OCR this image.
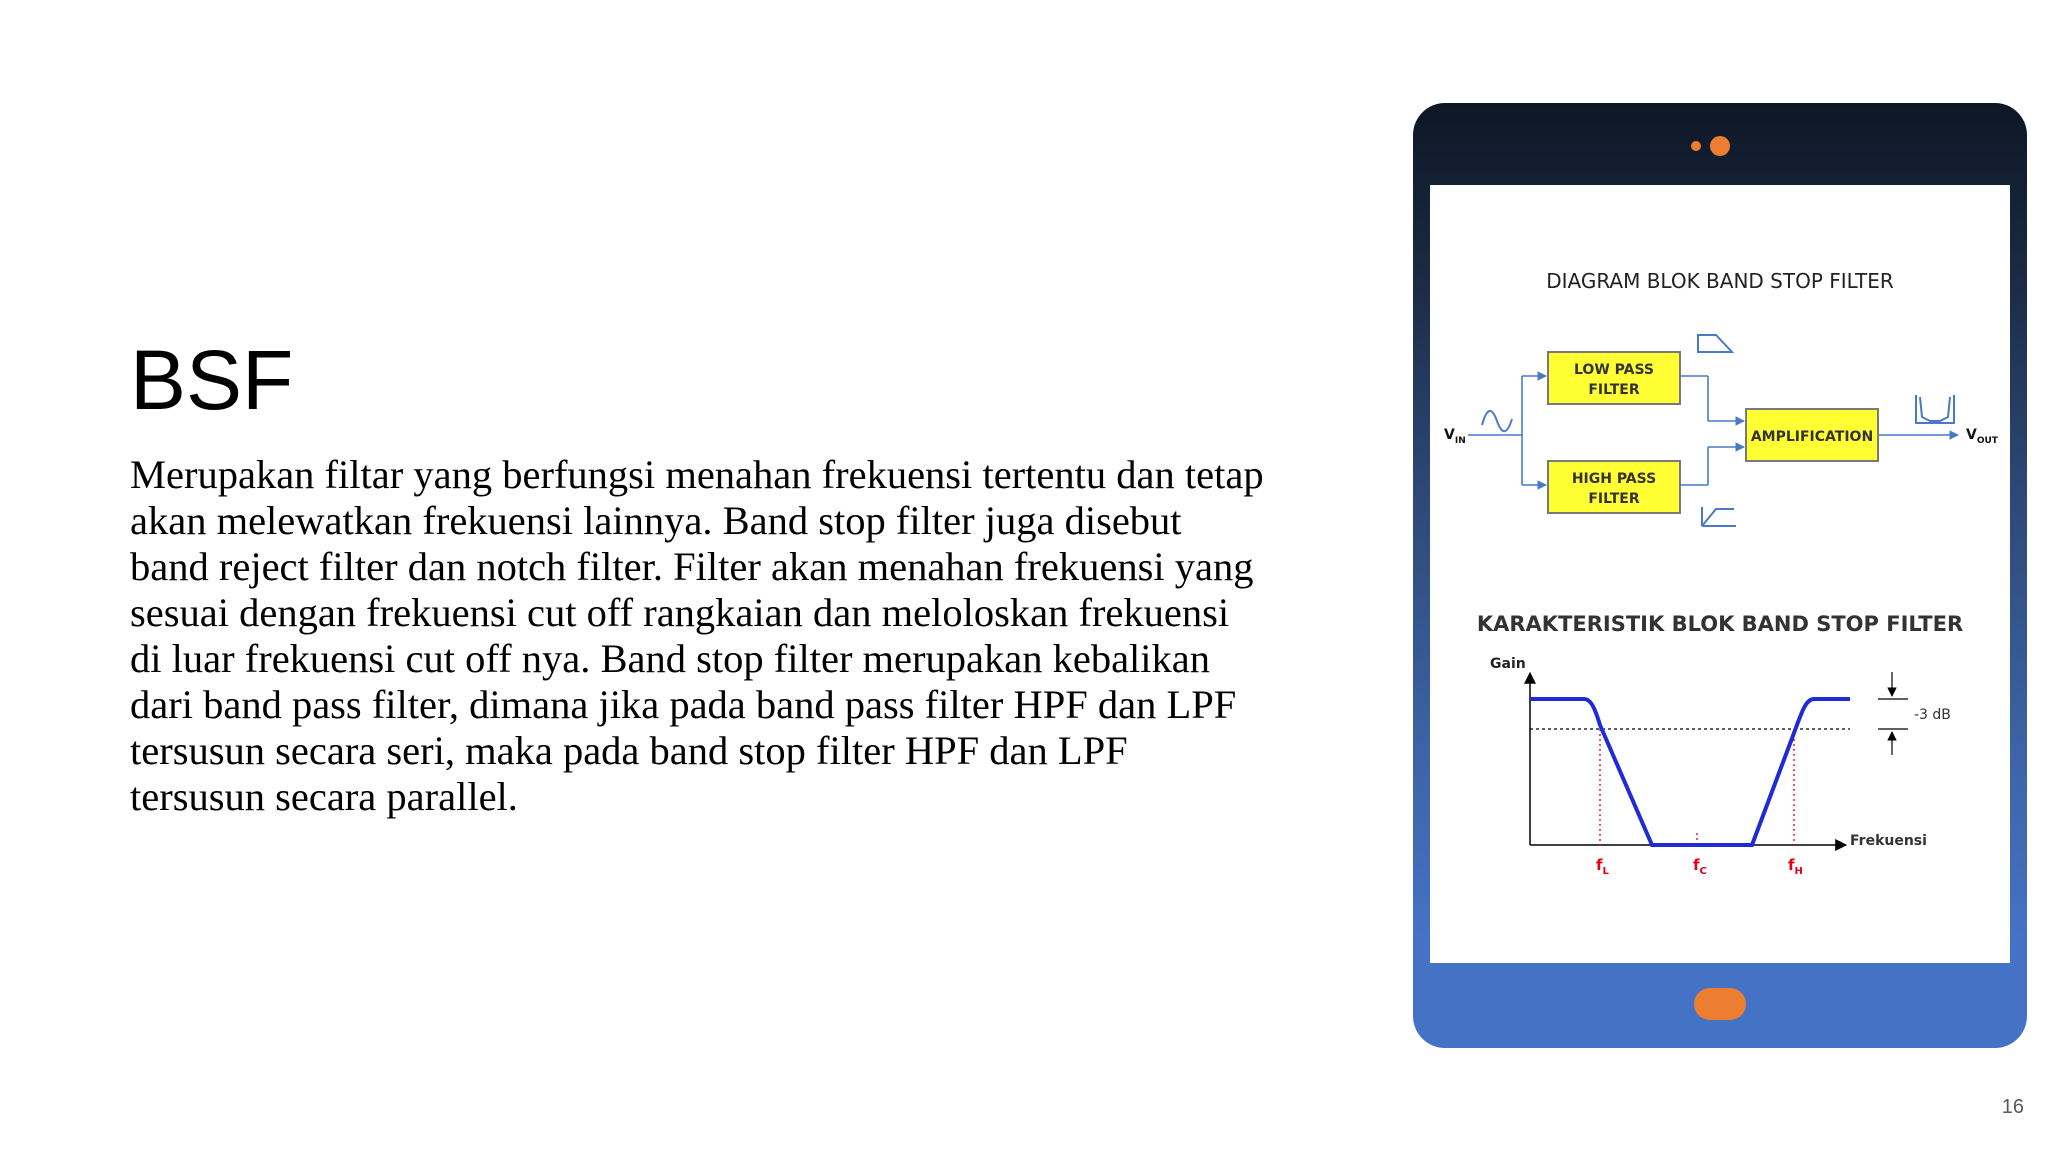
BSF

Merupakan filtar yang berfungsi menahan frekuensi tertentu dan tetap akan melewatkan frekuensi lainnya. Band stop filter juga disebut band reject filter dan notch filter. Filter akan menahan frekuensi yang sesuai dengan frekuensi cut off rangkaian dan meloloskan frekuensi di luar frekuensi cut off nya. Band stop filter merupakan kebalikan dari band pass filter, dimana jika pada band pass filter HPF dan LPF tersusun secara seri, maka pada band stop filter HPF dan LPF tersusun secara parallel.

DIAGRAM BLOK BAND STOP FILTER
$V_{IN}$
LOW PASS
FILTER
HIGH PASS
FILTER
AMPLIFICATION	$V_{OUT}$
KARAKTERISTIK BLOK BAND STOP FILTER
Gain
Frekuensi
-3 dB
$f_L$	$f_C$	$f_H$
16
